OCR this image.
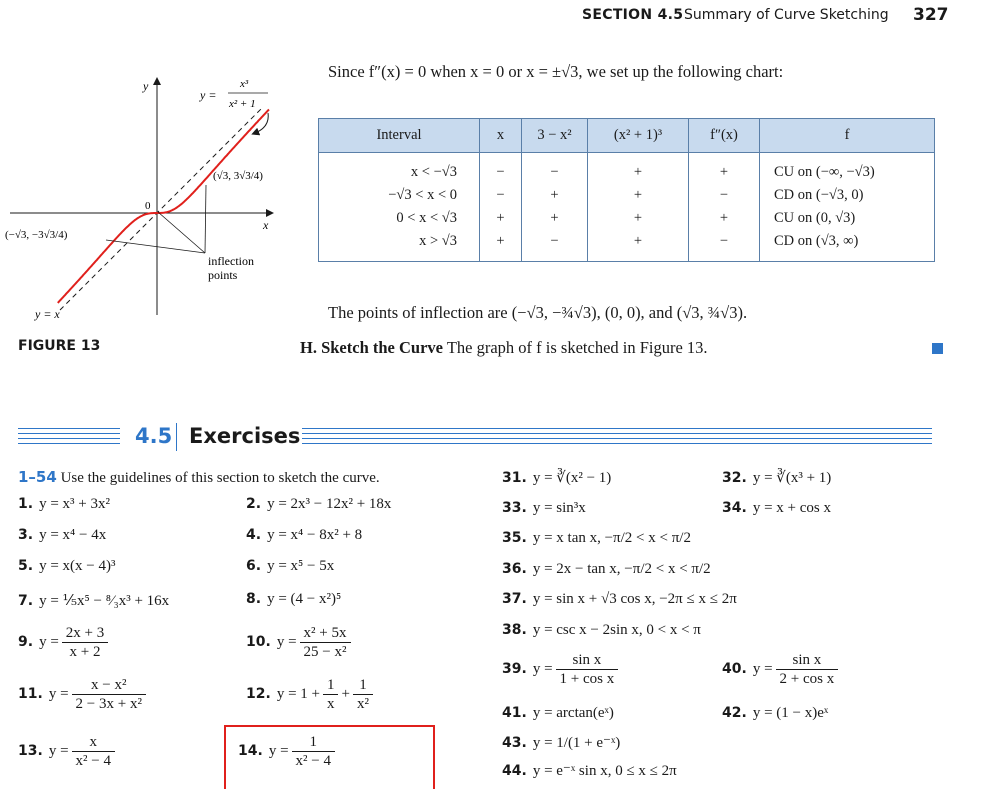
SECTION 4.5 Summary of Curve Sketching 327
y
x
0
y =
x³
x² + 1
(√3, 3√3/4)
(−√3, −3√3/4)
inflection
points
y = x
FIGURE 13
Since f″(x) = 0 when x = 0 or x = ±√3, we set up the following chart:
Interval	x	3 − x²	(x² + 1)³	f″(x)	f
x < −√3	−	−	+	+	CU on (−∞, −√3)
−√3 < x < 0	−	+	+	−	CD on (−√3, 0)
0 < x < √3	+	+	+	+	CU on (0, √3)
x > √3	+	−	+	−	CD on (√3, ∞)
The points of inflection are (−√3, −¾√3), (0, 0), and (√3, ¾√3).
H. Sketch the Curve The graph of f is sketched in Figure 13.
4.5 Exercises
1–54 Use the guidelines of this section to sketch the curve.
1. y = x³ + 3x²	2. y = 2x³ − 12x² + 18x
3. y = x⁴ − 4x	4. y = x⁴ − 8x² + 8
5. y = x(x − 4)³	6. y = x⁵ − 5x
7. y = ⅕x⁵ − ⁸⁄₃x³ + 16x	8. y = (4 − x²)⁵
9. $y = \frac{2x + 3}{x + 2}$	10. $y = \frac{\text{x² + 5x}}{\text{25 − x²}}$
11. $y = \frac{\text{x − x²}}{\text{2 − 3x + x²}}$	12. $y = 1 + \frac{1}{x} + \frac{1}{\text{x²}}$
13. $y = \frac{x}{\text{x² − 4}}$	14. $y = \frac{1}{\text{x² − 4}}$
31. y = ∛(x² − 1)	32. y = ∛(x³ + 1)
33. y = sin³x	34. y = x + cos x
35. y = x tan x, −π/2 < x < π/2
36. y = 2x − tan x, −π/2 < x < π/2
37. y = sin x + √3 cos x, −2π ≤ x ≤ 2π
38. y = csc x − 2sin x, 0 < x < π
39. $y = \frac{\text{sin x}}{\text{1 + cos x}}$	40. $y = \frac{\text{sin x}}{\text{2 + cos x}}$
41. y = arctan(eˣ)	42. y = (1 − x)eˣ
43. y = 1/(1 + e⁻ˣ)
44. y = e⁻ˣ sin x, 0 ≤ x ≤ 2π
